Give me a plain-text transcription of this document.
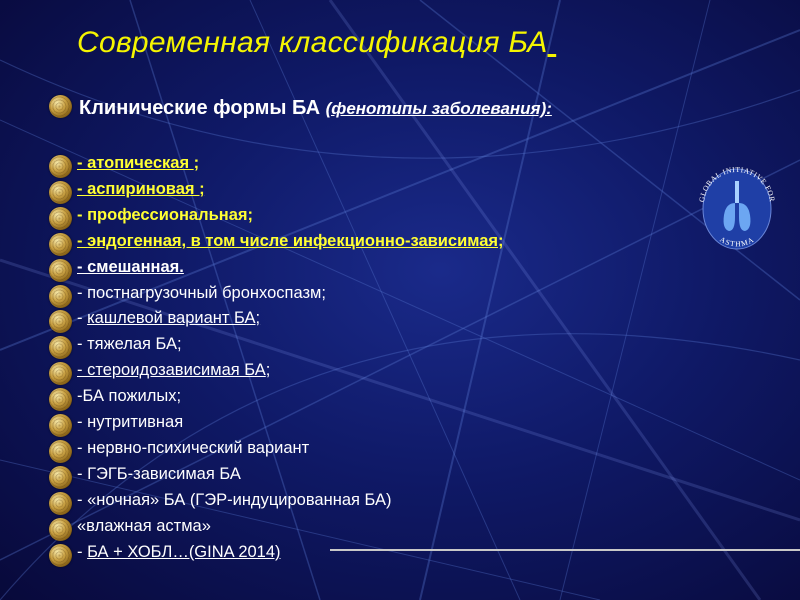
Современная классификация БА
Клинические формы БА (фенотипы заболевания):
- атопическая ;
- аспириновая ;
- профессиональная;
- эндогенная, в том числе инфекционно-зависимая;
- смешанная.
- постнагрузочный бронхоспазм;
- кашлевой вариант БА;
- тяжелая БА;
- стероидозависимая БА;
-БА пожилых;
- нутритивная
- нервно-психический вариант
- ГЭГБ-зависимая БА
- «ночная» БА (ГЭР-индуцированная БА)
«влажная астма»
- БА + ХОБЛ…(GINA 2014)
GLOBAL INITIATIVE FOR
ASTHMA
